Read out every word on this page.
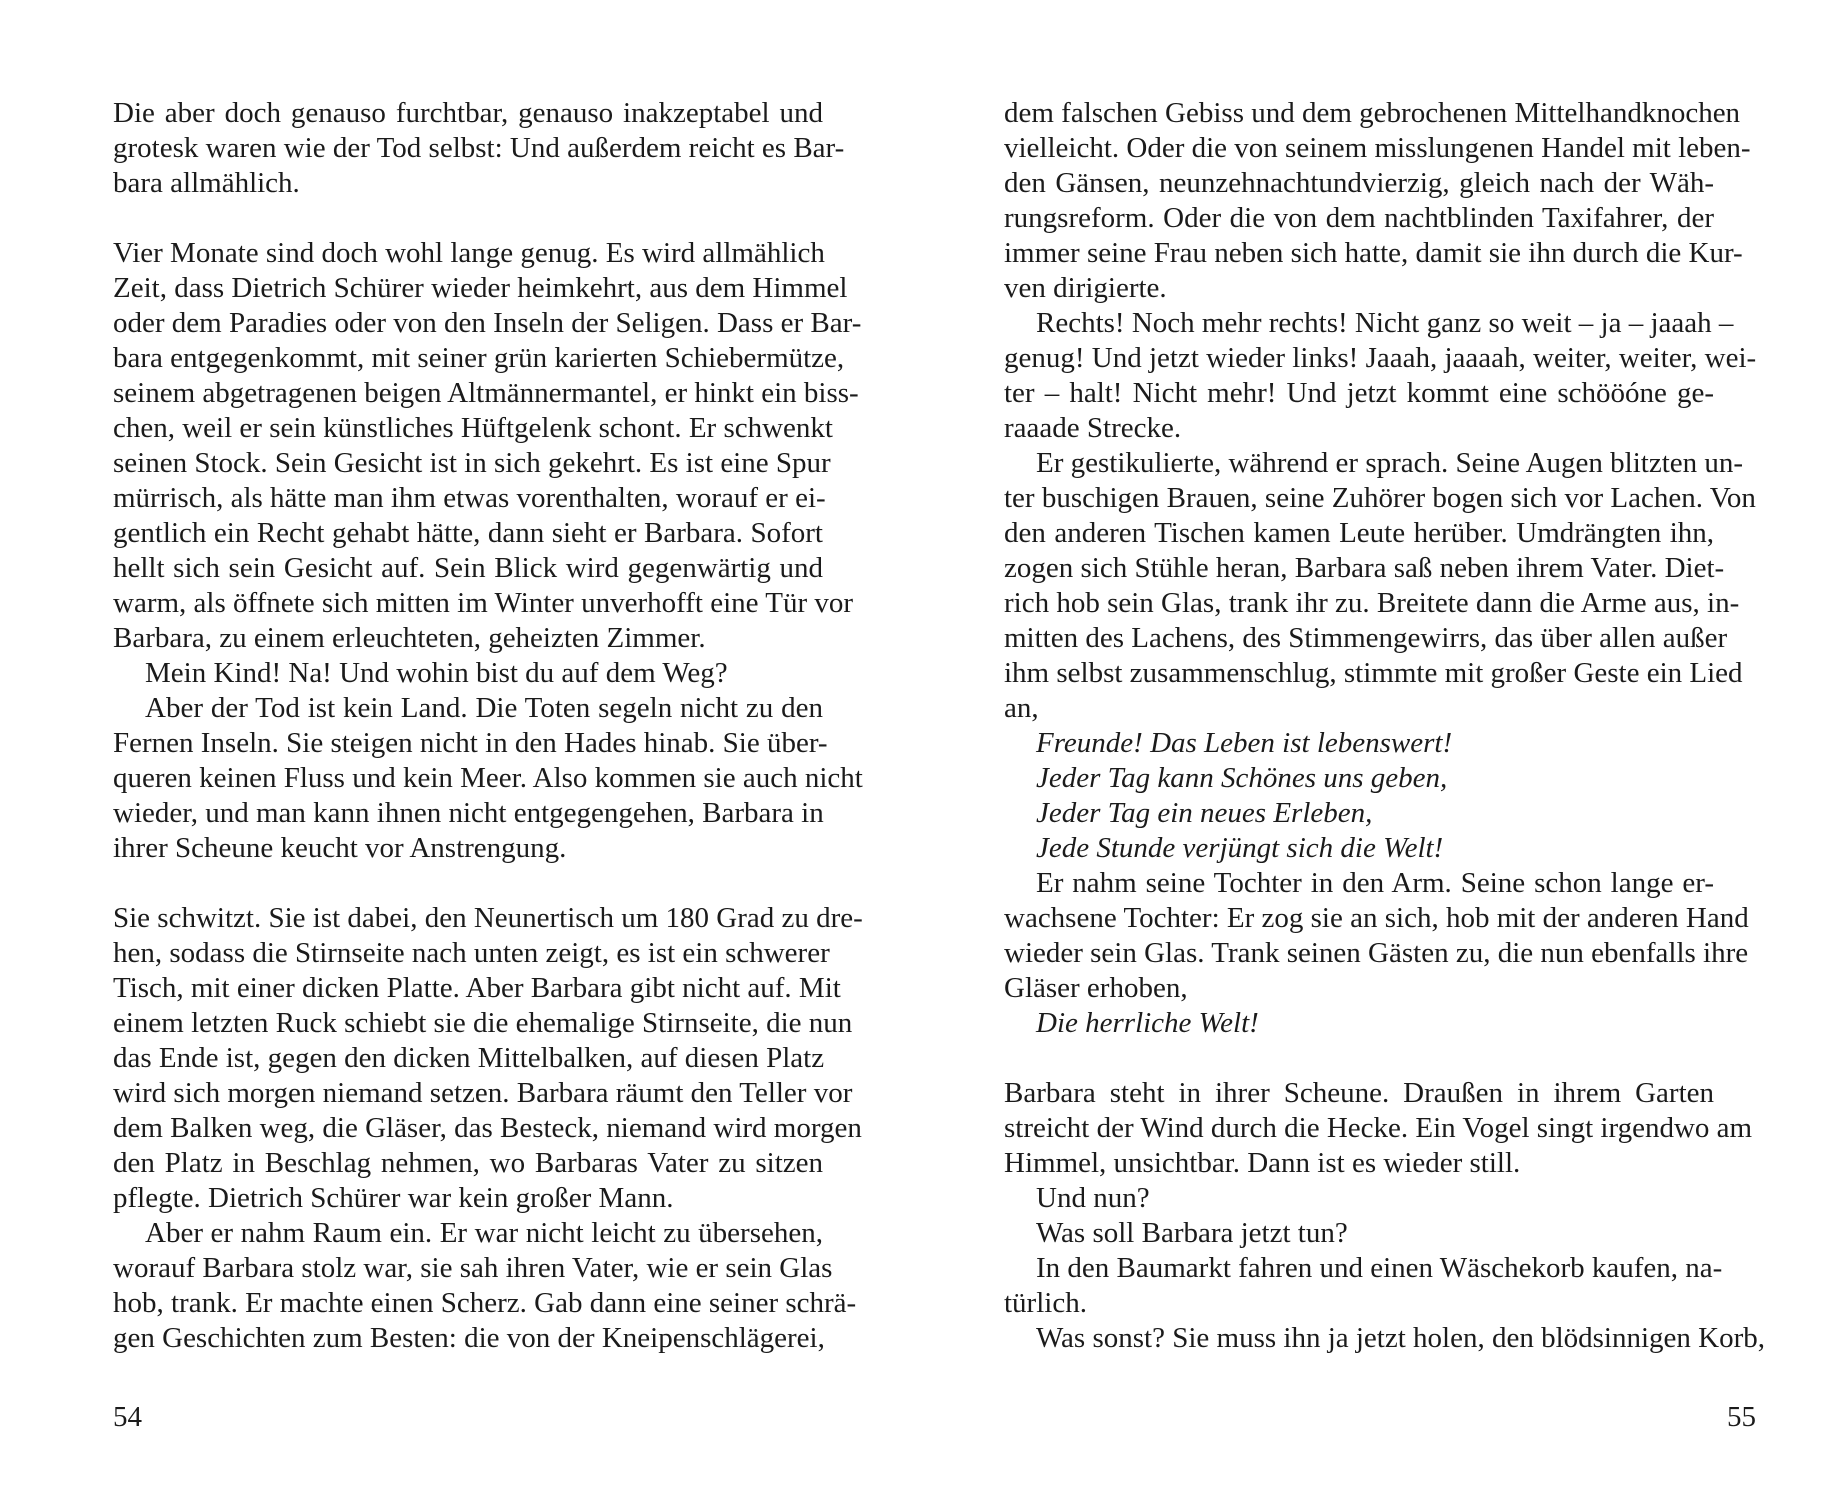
Die aber doch genauso furchtbar, genauso inakzeptabel und
grotesk waren wie der Tod selbst: Und außerdem reicht es Bar-
bara allmählich.
Vier Monate sind doch wohl lange genug. Es wird allmählich
Zeit, dass Dietrich Schürer wieder heimkehrt, aus dem Himmel
oder dem Paradies oder von den Inseln der Seligen. Dass er Bar-
bara entgegenkommt, mit seiner grün karierten Schiebermütze,
seinem abgetragenen beigen Altmännermantel, er hinkt ein biss-
chen, weil er sein künstliches Hüftgelenk schont. Er schwenkt
seinen Stock. Sein Gesicht ist in sich gekehrt. Es ist eine Spur
mürrisch, als hätte man ihm etwas vorenthalten, worauf er ei-
gentlich ein Recht gehabt hätte, dann sieht er Barbara. Sofort
hellt sich sein Gesicht auf. Sein Blick wird gegenwärtig und
warm, als öffnete sich mitten im Winter unverhofft eine Tür vor
Barbara, zu einem erleuchteten, geheizten Zimmer.
Mein Kind! Na! Und wohin bist du auf dem Weg?
Aber der Tod ist kein Land. Die Toten segeln nicht zu den
Fernen Inseln. Sie steigen nicht in den Hades hinab. Sie über-
queren keinen Fluss und kein Meer. Also kommen sie auch nicht
wieder, und man kann ihnen nicht entgegengehen, Barbara in
ihrer Scheune keucht vor Anstrengung.
Sie schwitzt. Sie ist dabei, den Neunertisch um 180 Grad zu dre-
hen, sodass die Stirnseite nach unten zeigt, es ist ein schwerer
Tisch, mit einer dicken Platte. Aber Barbara gibt nicht auf. Mit
einem letzten Ruck schiebt sie die ehemalige Stirnseite, die nun
das Ende ist, gegen den dicken Mittelbalken, auf diesen Platz
wird sich morgen niemand setzen. Barbara räumt den Teller vor
dem Balken weg, die Gläser, das Besteck, niemand wird morgen
den Platz in Beschlag nehmen, wo Barbaras Vater zu sitzen
pflegte. Dietrich Schürer war kein großer Mann.
Aber er nahm Raum ein. Er war nicht leicht zu übersehen,
worauf Barbara stolz war, sie sah ihren Vater, wie er sein Glas
hob, trank. Er machte einen Scherz. Gab dann eine seiner schrä-
gen Geschichten zum Besten: die von der Kneipenschlägerei,
54
dem falschen Gebiss und dem gebrochenen Mittelhandknochen
vielleicht. Oder die von seinem misslungenen Handel mit leben-
den Gänsen, neunzehnachtundvierzig, gleich nach der Wäh-
rungsreform. Oder die von dem nachtblinden Taxifahrer, der
immer seine Frau neben sich hatte, damit sie ihn durch die Kur-
ven dirigierte.
Rechts! Noch mehr rechts! Nicht ganz so weit – ja – jaaah –
genug! Und jetzt wieder links! Jaaah, jaaaah, weiter, weiter, wei-
ter – halt! Nicht mehr! Und jetzt kommt eine schööóne ge-
raaade Strecke.
Er gestikulierte, während er sprach. Seine Augen blitzten un-
ter buschigen Brauen, seine Zuhörer bogen sich vor Lachen. Von
den anderen Tischen kamen Leute herüber. Umdrängten ihn,
zogen sich Stühle heran, Barbara saß neben ihrem Vater. Diet-
rich hob sein Glas, trank ihr zu. Breitete dann die Arme aus, in-
mitten des Lachens, des Stimmengewirrs, das über allen außer
ihm selbst zusammenschlug, stimmte mit großer Geste ein Lied
an,
Freunde! Das Leben ist lebenswert!
Jeder Tag kann Schönes uns geben,
Jeder Tag ein neues Erleben,
Jede Stunde verjüngt sich die Welt!
Er nahm seine Tochter in den Arm. Seine schon lange er-
wachsene Tochter: Er zog sie an sich, hob mit der anderen Hand
wieder sein Glas. Trank seinen Gästen zu, die nun ebenfalls ihre
Gläser erhoben,
Die herrliche Welt!
Barbara steht in ihrer Scheune. Draußen in ihrem Garten
streicht der Wind durch die Hecke. Ein Vogel singt irgendwo am
Himmel, unsichtbar. Dann ist es wieder still.
Und nun?
Was soll Barbara jetzt tun?
In den Baumarkt fahren und einen Wäschekorb kaufen, na-
türlich.
Was sonst? Sie muss ihn ja jetzt holen, den blödsinnigen Korb,
55
